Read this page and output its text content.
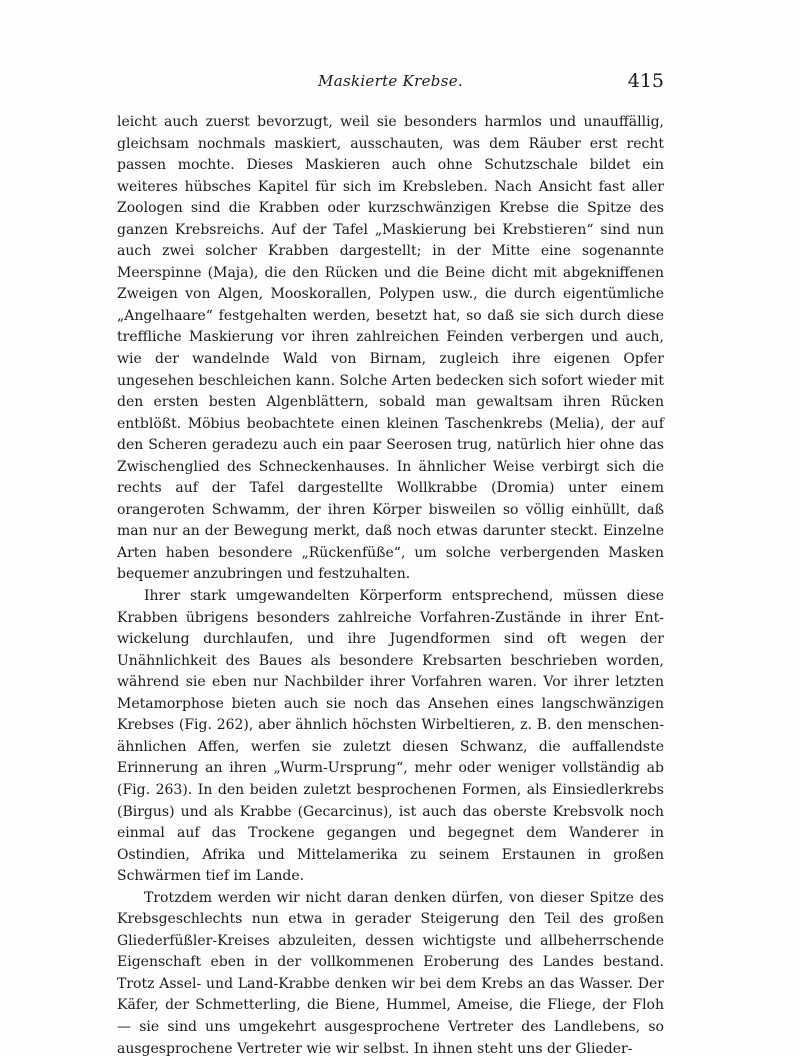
Maskierte Krebse.	415

leicht auch zuerst bevorzugt, weil sie besonders harmlos und unauffällig, gleichsam nochmals maskiert, ausschauten, was dem Räuber erst recht passen mochte. Dieses Maskieren auch ohne Schutzschale bildet ein weiteres hübsches Kapitel für sich im Krebsleben. Nach Ansicht fast aller Zoologen sind die Krabben oder kurzschwänzigen Krebse die Spitze des ganzen Krebsreichs. Auf der Tafel „Maskierung bei Krebstieren“ sind nun auch zwei solcher Krabben dargestellt; in der Mitte eine sogenannte Meerspinne (Maja), die den Rücken und die Beine dicht mit abgekniffenen Zweigen von Algen, Mooskorallen, Polypen usw., die durch eigentümliche „Angelhaare“ festgehalten werden, besetzt hat, so daß sie sich durch diese treffliche Maskierung vor ihren zahlreichen Feinden verbergen und auch, wie der wandelnde Wald von Birnam, zugleich ihre eigenen Opfer ungesehen beschleichen kann. Solche Arten bedecken sich sofort wieder mit den ersten besten Algenblättern, sobald man gewaltsam ihren Rücken entblößt. Möbius beobachtete einen kleinen Taschenkrebs (Melia), der auf den Scheren geradezu auch ein paar Seerosen trug, natürlich hier ohne das Zwischenglied des Schneckenhauses. In ähnlicher Weise verbirgt sich die rechts auf der Tafel dargestellte Wollkrabbe (Dromia) unter einem orangeroten Schwamm, der ihren Körper bisweilen so völlig einhüllt, daß man nur an der Bewegung merkt, daß noch etwas darunter steckt. Einzelne Arten haben besondere „Rückenfüße“, um solche verbergenden Masken bequemer anzubringen und festzuhalten.

Ihrer stark umgewandelten Körperform entsprechend, müssen diese Krabben übrigens besonders zahlreiche Vorfahren-Zustände in ihrer Entwickelung durchlaufen, und ihre Jugendformen sind oft wegen der Unähnlichkeit des Baues als besondere Krebsarten beschrieben worden, während sie eben nur Nachbilder ihrer Vorfahren waren. Vor ihrer letzten Metamorphose bieten auch sie noch das Ansehen eines langschwänzigen Krebses (Fig. 262), aber ähnlich höchsten Wirbeltieren, z. B. den menschenähnlichen Affen, werfen sie zuletzt diesen Schwanz, die auffallendste Erinnerung an ihren „Wurm-Ursprung“, mehr oder weniger vollständig ab (Fig. 263). In den beiden zuletzt besprochenen Formen, als Einsiedlerkrebs (Birgus) und als Krabbe (Gecarcinus), ist auch das oberste Krebsvolk noch einmal auf das Trockene gegangen und begegnet dem Wanderer in Ostindien, Afrika und Mittelamerika zu seinem Erstaunen in großen Schwärmen tief im Lande.

Trotzdem werden wir nicht daran denken dürfen, von dieser Spitze des Krebsgeschlechts nun etwa in gerader Steigerung den Teil des großen Gliederfüßler-Kreises abzuleiten, dessen wichtigste und allbeherrschende Eigenschaft eben in der vollkommenen Eroberung des Landes bestand. Trotz Assel- und Land-Krabbe denken wir bei dem Krebs an das Wasser. Der Käfer, der Schmetterling, die Biene, Hummel, Ameise, die Fliege, der Floh — sie sind uns umgekehrt ausgesprochene Vertreter des Landlebens, so ausgesprochene Vertreter wie wir selbst. In ihnen steht uns der Glieder-
